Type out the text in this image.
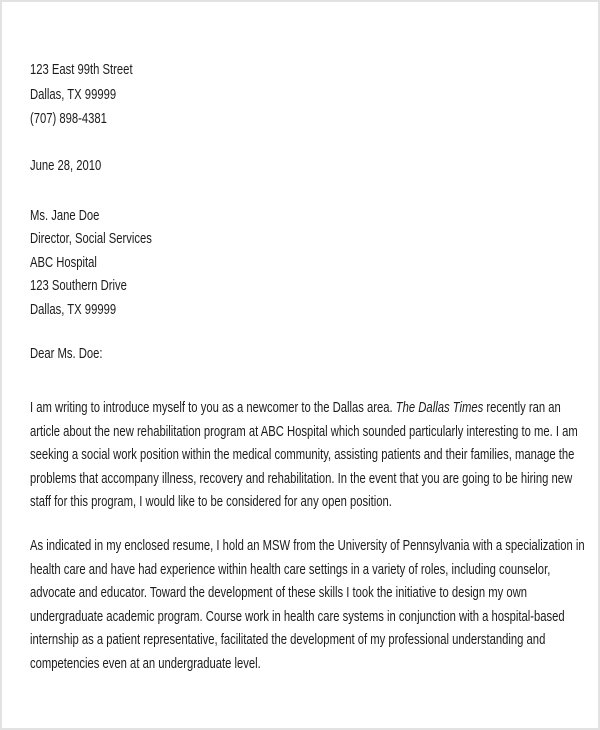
123 East 99th Street
Dallas, TX 99999
(707) 898-4381
June 28, 2010
Ms. Jane Doe
Director, Social Services
ABC Hospital
123 Southern Drive
Dallas, TX 99999
Dear Ms. Doe:
I am writing to introduce myself to you as a newcomer to the Dallas area. The Dallas Times recently ran an article about the new rehabilitation program at ABC Hospital which sounded particularly interesting to me. I am seeking a social work position within the medical community, assisting patients and their families, manage the problems that accompany illness, recovery and rehabilitation. In the event that you are going to be hiring new staff for this program, I would like to be considered for any open position.
As indicated in my enclosed resume, I hold an MSW from the University of Pennsylvania with a specialization in health care and have had experience within health care settings in a variety of roles, including counselor, advocate and educator. Toward the development of these skills I took the initiative to design my own undergraduate academic program. Course work in health care systems in conjunction with a hospital-based internship as a patient representative, facilitated the development of my professional understanding and competencies even at an undergraduate level.
